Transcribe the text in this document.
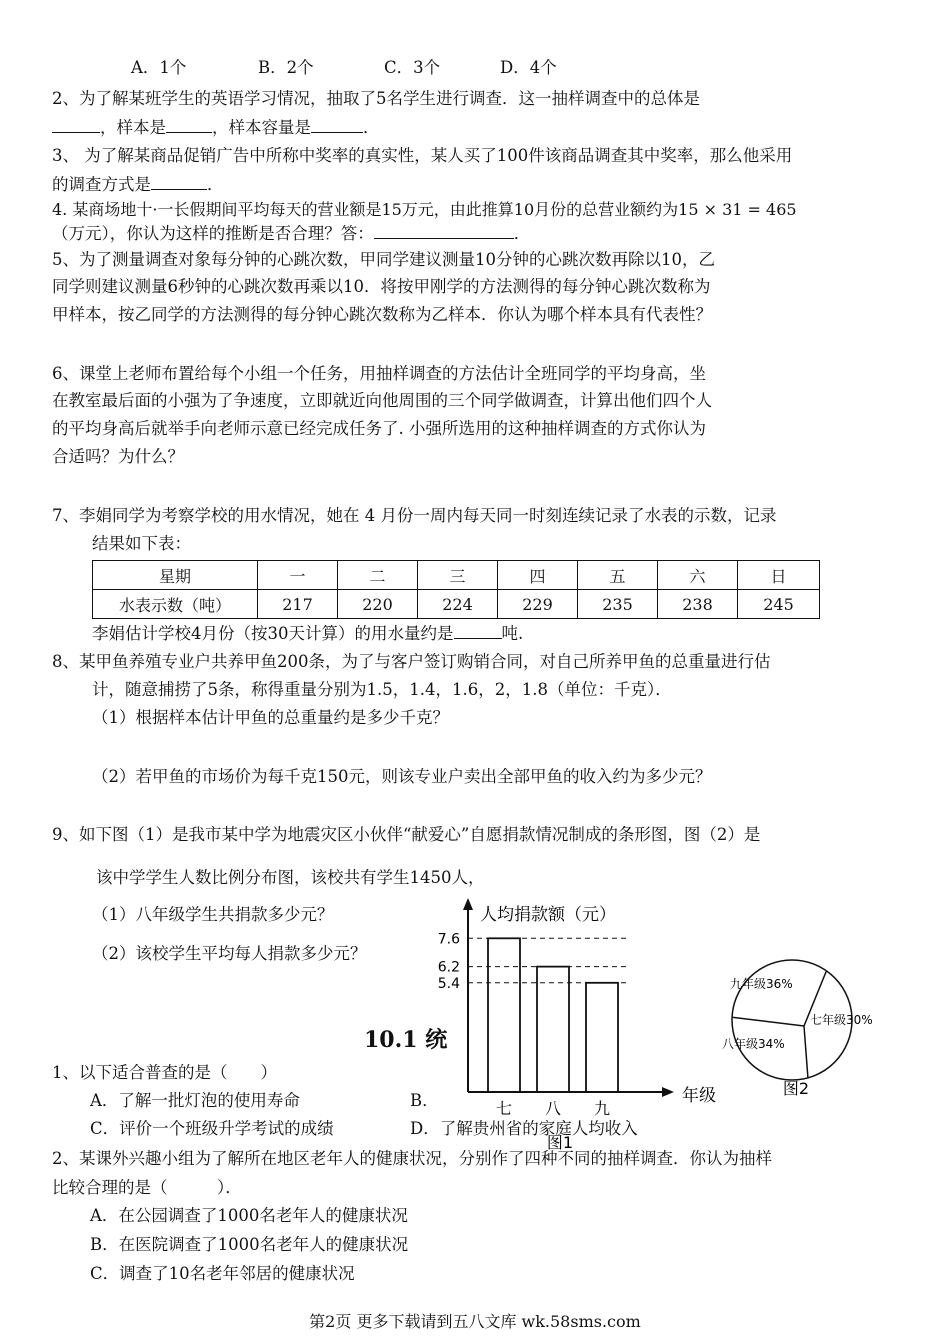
A．1个	B．2个	C．3个	D．4个
2、为了解某班学生的英语学习情况，抽取了5名学生进行调查．这一抽样调查中的总体是
，样本是	，样本容量是	．
3、 为了解某商品促销广告中所称中奖率的真实性，某人买了100件该商品调查其中奖率，那么他采用
的调查方式是	．
4. 某商场地十·一长假期间平均每天的营业额是15万元，由此推算10月份的总营业额约为15 × 31 = 465
（万元），你认为这样的推断是否合理？答：	．
5、为了测量调查对象每分钟的心跳次数，甲同学建议测量10分钟的心跳次数再除以10，乙
同学则建议测量6秒钟的心跳次数再乘以10．将按甲刚学的方法测得的每分钟心跳次数称为
甲样本，按乙同学的方法测得的每分钟心跳次数称为乙样本．你认为哪个样本具有代表性？
6、课堂上老师布置给每个小组一个任务，用抽样调查的方法估计全班同学的平均身高，坐
在教室最后面的小强为了争速度，立即就近向他周围的三个同学做调查，计算出他们四个人
的平均身高后就举手向老师示意已经完成任务了. 小强所选用的这种抽样调查的方式你认为
合适吗？为什么？
7、李娟同学为考察学校的用水情况，她在 4 月份一周内每天同一时刻连续记录了水表的示数，记录
结果如下表：
星期	一	二	三	四	五	六	日
水表示数（吨）	217	220	224	229	235	238	245
李娟估计学校4月份（按30天计算）的用水量约是	吨.
8、某甲鱼养殖专业户共养甲鱼200条，为了与客户签订购销合同，对自己所养甲鱼的总重量进行估
计，随意捕捞了5条，称得重量分别为1.5，1.4，1.6，2，1.8（单位：千克）．
（1）根据样本估计甲鱼的总重量约是多少千克？
（2）若甲鱼的市场价为每千克150元，则该专业户卖出全部甲鱼的收入约为多少元？
9、如下图（1）是我市某中学为地震灾区小伙伴“献爱心”自愿捐款情况制成的条形图，图（2）是
该中学学生人数比例分布图，该校共有学生1450人，
（1）八年级学生共捐款多少元？
（2）该校学生平均每人捐款多少元？
7.6
七
6.2
八
5.4
九
人均捐款额（元）
年级
图1
九年级36%
七年级30%
八年级34%
图2
10.1 统
1、以下适合普查的是（　　）
A．了解一批灯泡的使用寿命	B．
C．评价一个班级升学考试的成绩	D．了解贵州省的家庭人均收入
2、某课外兴趣小组为了解所在地区老年人的健康状况，分别作了四种不同的抽样调查．你认为抽样
比较合理的是（　　　）．
A．在公园调查了1000名老年人的健康状况
B．在医院调查了1000名老年人的健康状况
C．调查了10名老年邻居的健康状况
第2页 更多下载请到五八文库 wk.58sms.com
